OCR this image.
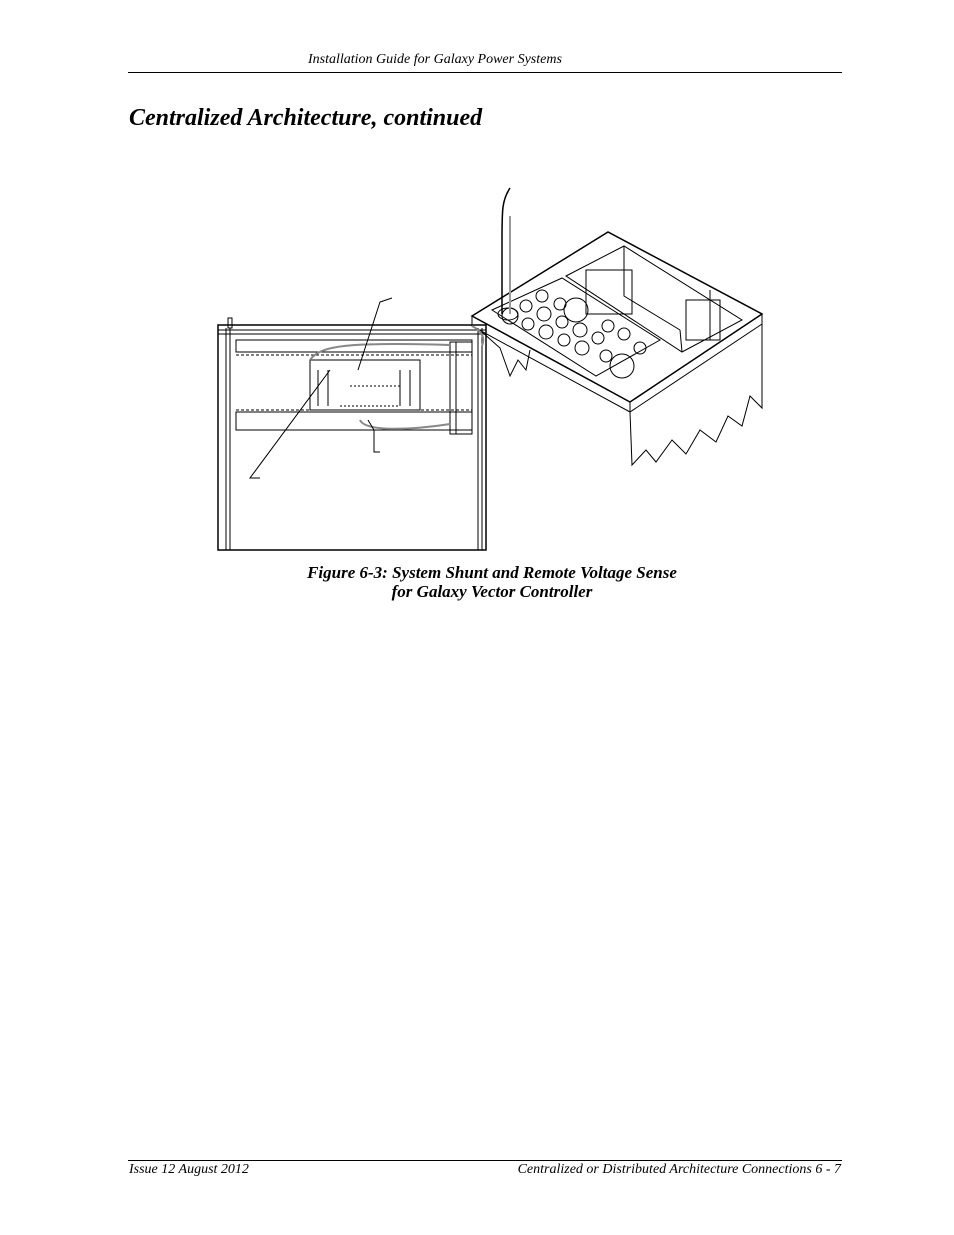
Installation Guide for Galaxy Power Systems
Centralized Architecture, continued
Figure 6-3: System Shunt and Remote Voltage Sense
for Galaxy Vector Controller
Issue 12 August 2012	Centralized or Distributed Architecture Connections 6 - 7
